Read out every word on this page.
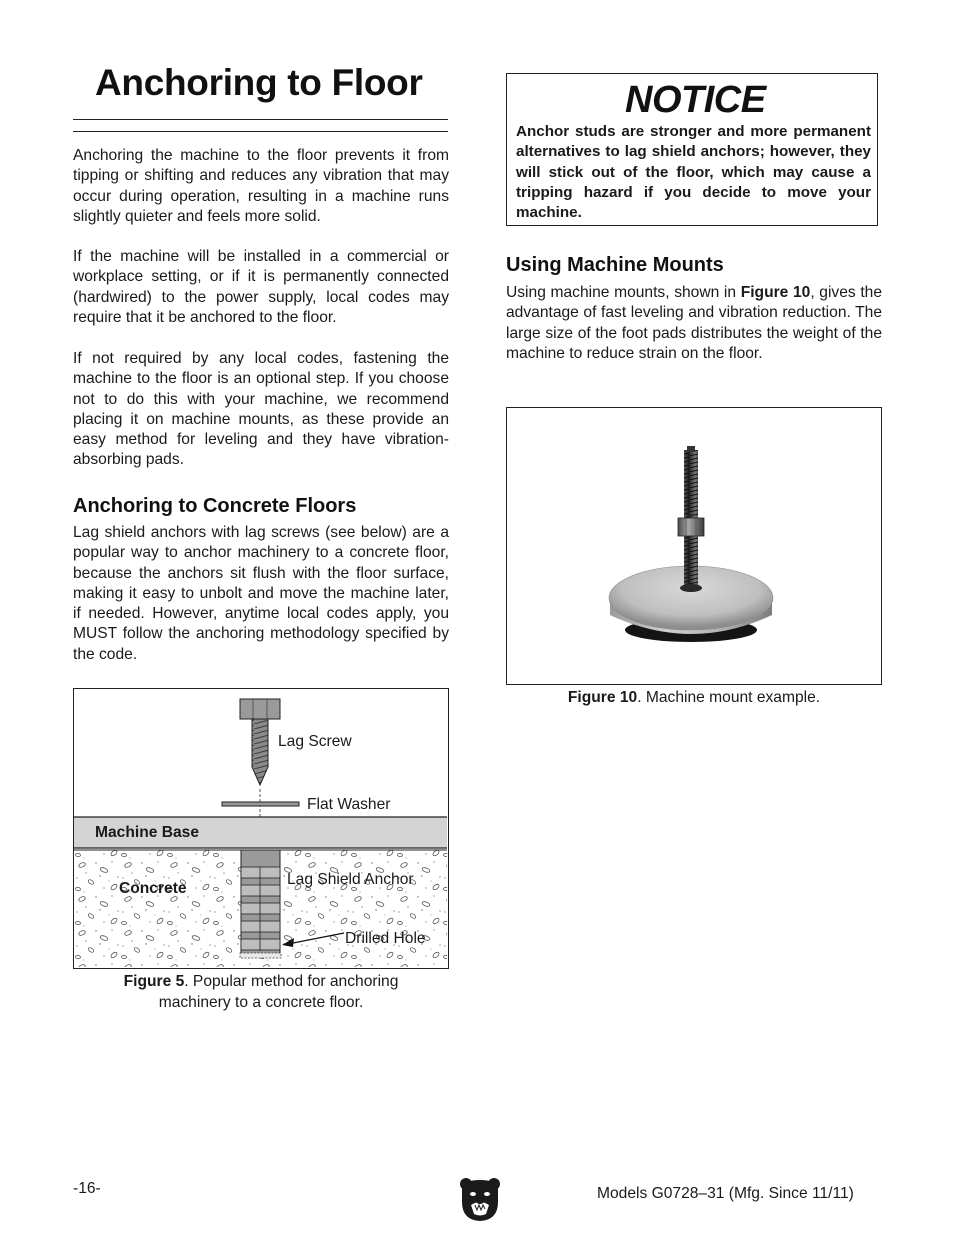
Anchoring to Floor

Anchoring the machine to the floor prevents it from tipping or shifting and reduces any vibration that may occur during operation, resulting in a machine runs slightly quieter and feels more solid.

If the machine will be installed in a commercial or workplace setting, or if it is permanently connected (hardwired) to the power supply, local codes may require that it be anchored to the floor.

If not required by any local codes, fastening the machine to the floor is an optional step. If you choose not to do this with your machine, we recommend placing it on machine mounts, as these provide an easy method for leveling and they have vibration-absorbing pads.

Anchoring to Concrete Floors

Lag shield anchors with lag screws (see below) are a popular way to anchor machinery to a concrete floor, because the anchors sit flush with the floor surface, making it easy to unbolt and move the machine later, if needed. However, anytime local codes apply, you MUST follow the anchoring methodology specified by the code.

Lag Screw
Flat Washer
Machine Base
Concrete
Lag Shield Anchor
Drilled Hole

Figure 5. Popular method for anchoring
machinery to a concrete floor.

NOTICE

Anchor studs are stronger and more permanent alternatives to lag shield anchors; however, they will stick out of the floor, which may cause a tripping hazard if you decide to move your machine.

Using Machine Mounts

Using machine mounts, shown in Figure 10, gives the advantage of fast leveling and vibration reduction. The large size of the foot pads distributes the weight of the machine to reduce strain on the floor.

Figure 10. Machine mount example.

-16-	Models G0728–31 (Mfg. Since 11/11)
